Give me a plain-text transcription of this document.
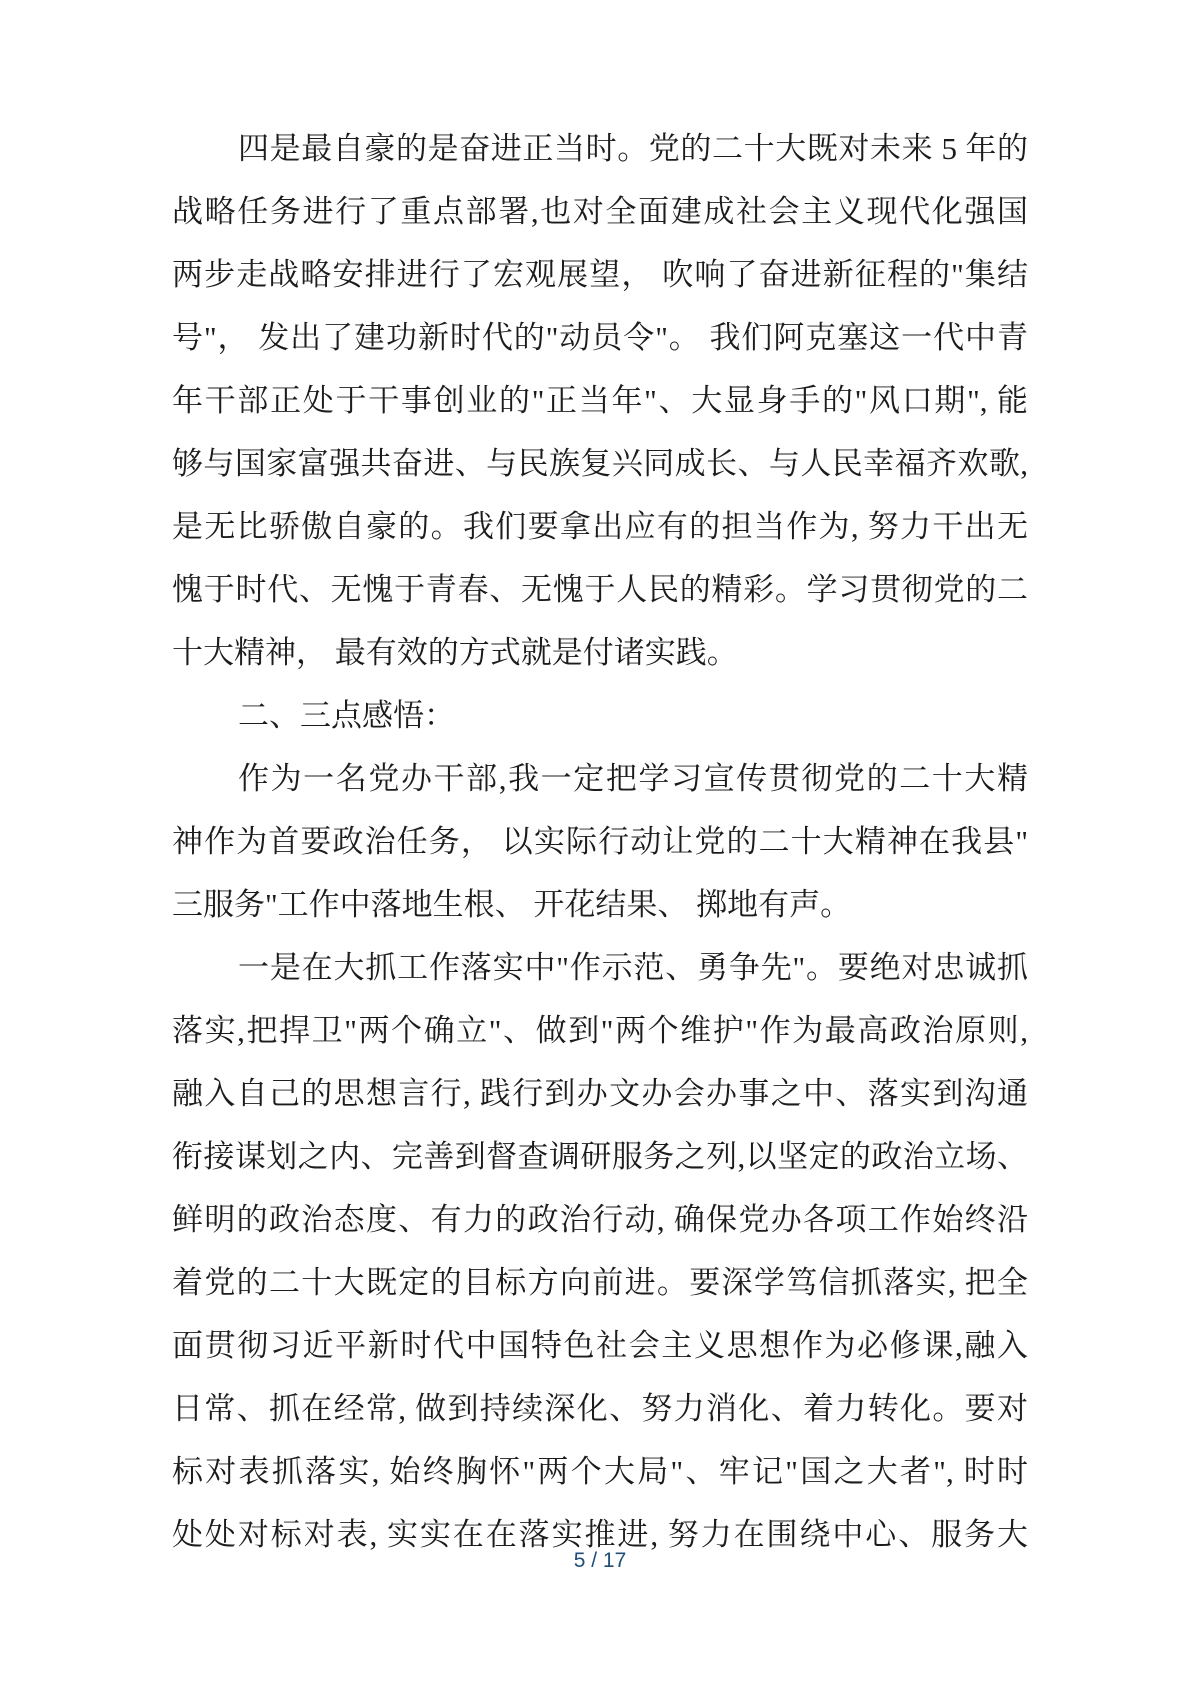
四是最自豪的是奋进正当时。党的二十大既对未来 5 年的
战略任务进行了重点部署,也对全面建成社会主义现代化强国
两步走战略安排进行了宏观展望， 吹响了奋进新征程的"集结
号"， 发出了建功新时代的"动员令"。 我们阿克塞这一代中青
年干部正处于干事创业的"正当年"、大显身手的"风口期", 能
够与国家富强共奋进、与民族复兴同成长、与人民幸福齐欢歌,
是无比骄傲自豪的。我们要拿出应有的担当作为, 努力干出无
愧于时代、无愧于青春、无愧于人民的精彩。学习贯彻党的二
十大精神， 最有效的方式就是付诸实践。
二、三点感悟：
作为一名党办干部,我一定把学习宣传贯彻党的二十大精
神作为首要政治任务， 以实际行动让党的二十大精神在我县"
三服务"工作中落地生根、 开花结果、 掷地有声。
一是在大抓工作落实中"作示范、勇争先"。要绝对忠诚抓
落实,把捍卫"两个确立"、做到"两个维护"作为最高政治原则,
融入自己的思想言行, 践行到办文办会办事之中、落实到沟通
衔接谋划之内、完善到督查调研服务之列,以坚定的政治立场、
鲜明的政治态度、有力的政治行动, 确保党办各项工作始终沿
着党的二十大既定的目标方向前进。要深学笃信抓落实, 把全
面贯彻习近平新时代中国特色社会主义思想作为必修课,融入
日常、抓在经常, 做到持续深化、努力消化、着力转化。要对
标对表抓落实, 始终胸怀"两个大局"、牢记"国之大者", 时时
处处对标对表, 实实在在落实推进, 努力在围绕中心、服务大
5 / 17
